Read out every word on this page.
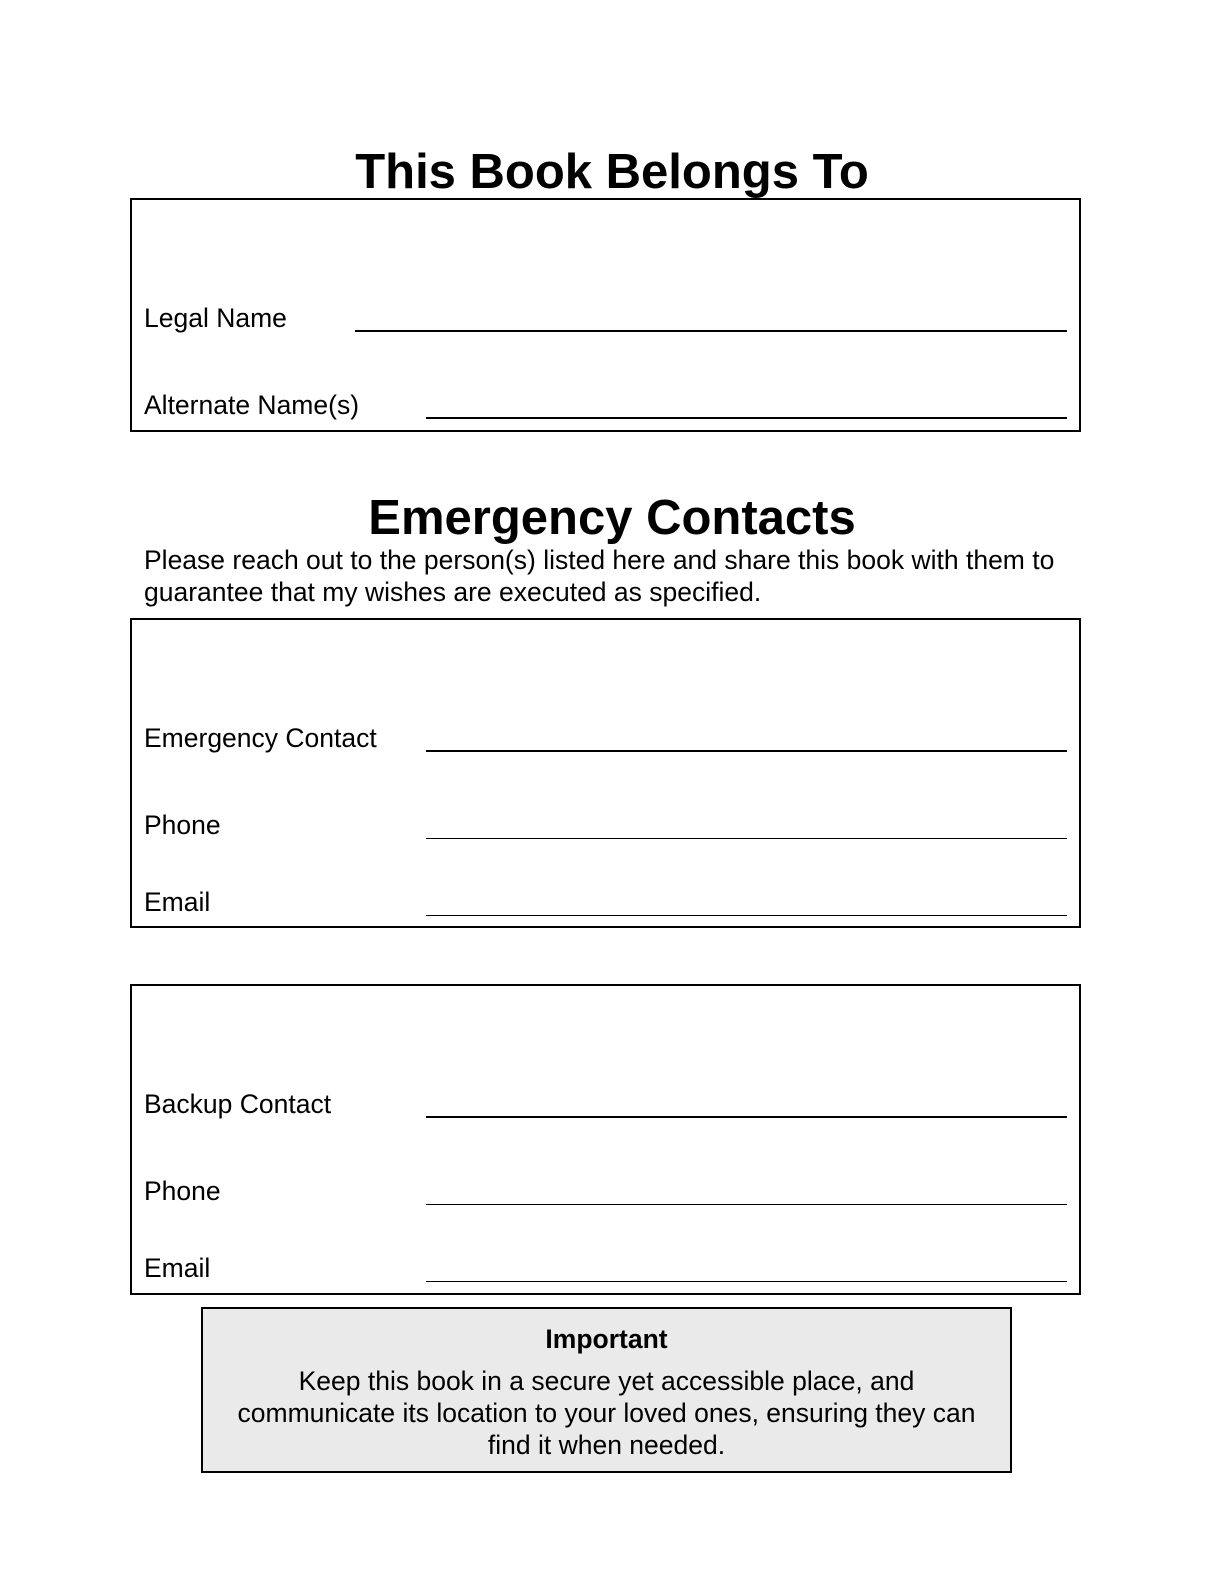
This Book Belongs To
Legal Name
Alternate Name(s)
Emergency Contacts

Please reach out to the person(s) listed here and share this book with them to guarantee that my wishes are executed as specified.

Emergency Contact
Phone
Email
Backup Contact
Phone
Email
Important
Keep this book in a secure yet accessible place, and communicate its location to your loved ones, ensuring they can find it when needed.
